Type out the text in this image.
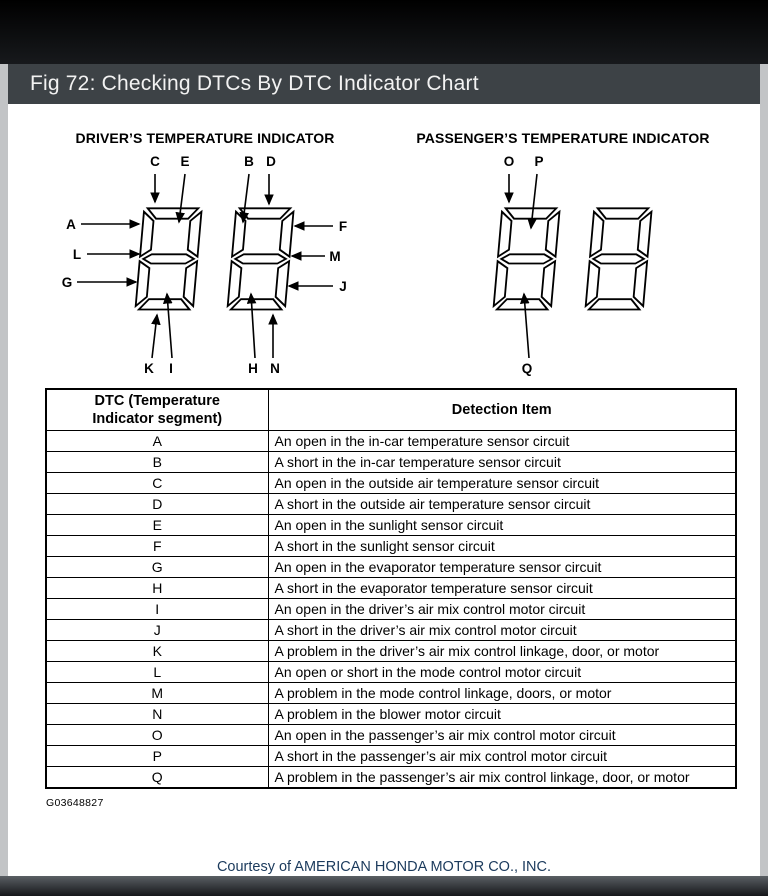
Fig 72: Checking DTCs By DTC Indicator Chart
DRIVER’S TEMPERATURE INDICATOR
C E	B D
A
L
G
F
M
J
K I	H N
PASSENGER’S TEMPERATURE INDICATOR
O P
Q
DTC (Temperature Indicator segment)	Detection Item
A	An open in the in-car temperature sensor circuit
B	A short in the in-car temperature sensor circuit
C	An open in the outside air temperature sensor circuit
D	A short in the outside air temperature sensor circuit
E	An open in the sunlight sensor circuit
F	A short in the sunlight sensor circuit
G	An open in the evaporator temperature sensor circuit
H	A short in the evaporator temperature sensor circuit
I	An open in the driver’s air mix control motor circuit
J	A short in the driver’s air mix control motor circuit
K	A problem in the driver’s air mix control linkage, door, or motor
L	An open or short in the mode control motor circuit
M	A problem in the mode control linkage, doors, or motor
N	A problem in the blower motor circuit
O	An open in the passenger’s air mix control motor circuit
P	A short in the passenger’s air mix control motor circuit
Q	A problem in the passenger’s air mix control linkage, door, or motor
G03648827
Courtesy of AMERICAN HONDA MOTOR CO., INC.
